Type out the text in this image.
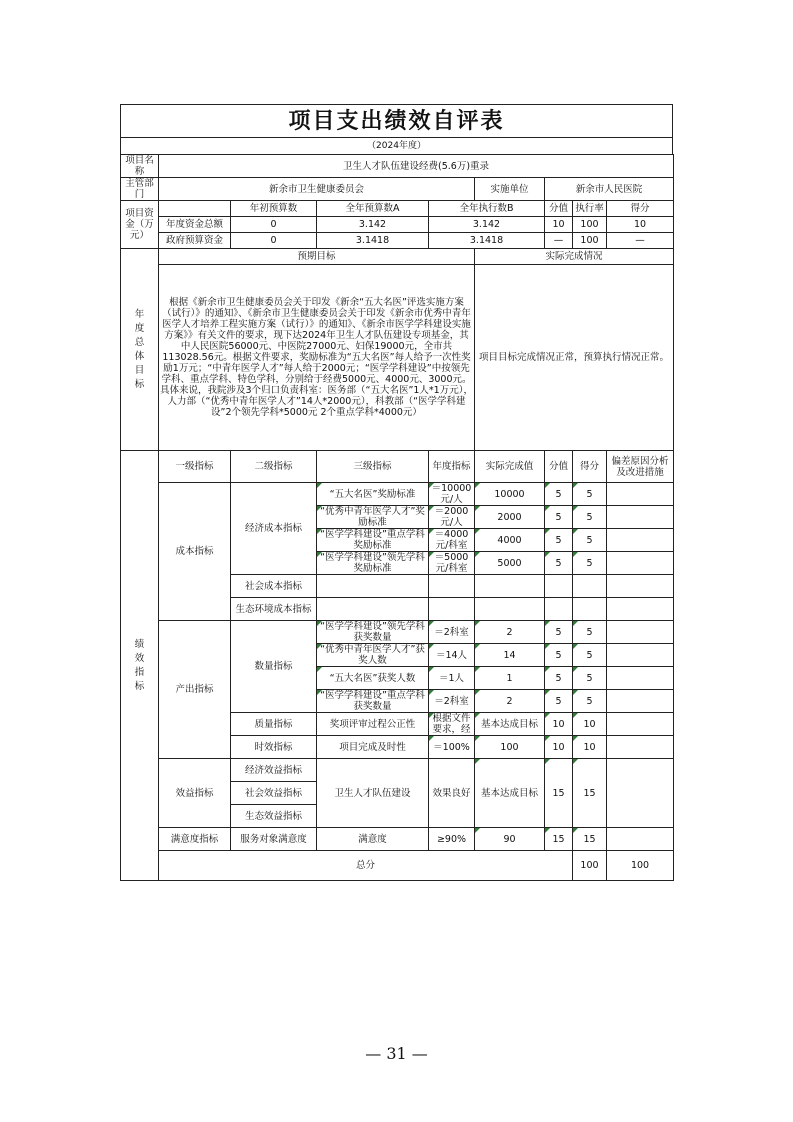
项目支出绩效自评表
（2024年度）
项目名称	卫生人才队伍建设经费(5.6万)重录								
主管部门	新余市卫生健康委员会				实施单位	新余市人民医院			
项目资金（万元）		年初预算数	全年预算数A	全年执行数B		分值	执行率	得分	
	年度资金总额	0	3.142	3.142		10	100	10	
	政府预算资金	0	3.1418	3.1418		—	100	—	
年度总体目标	预期目标				实际完成情况				
	根据《新余市卫生健康委员会关于印发《新余“五大名医”评选实施方案（试行）》的通知》、《新余市卫生健康委员会关于印发《新余市优秀中青年医学人才培养工程实施方案（试行）》的通知》、《新余市医学学科建设实施方案》》有关文件的要求，现下达2024年卫生人才队伍建设专项基金，其中人民医院56000元、中医院27000元、妇保19000元，全市共113028.56元。根据文件要求，奖励标准为“五大名医”每人给予一次性奖励1万元；“中青年医学人才”每人给于2000元；“医学学科建设”中按领先学科、重点学科、特色学科，分别给于经费5000元、4000元、3000元。具体来说，我院涉及3个归口负责科室：医务部（“五大名医”1人*1万元），人力部（“优秀中青年医学人才”14人*2000元），科教部（“医学学科建设”2个领先学科*5000元 2个重点学科*4000元）				项目目标完成情况正常，预算执行情况正常。				
绩效指标	一级指标	二级指标	三级指标	年度指标	实际完成值	分值	得分	偏差原因分析及改进措施	
	成本指标	经济成本指标	“五大名医”奖励标准	＝10000元/人	10000	5	5		
			“优秀中青年医学人才”奖励标准	＝2000元/人	2000	5	5		
			“医学学科建设”重点学科奖励标准	＝4000元/科室	4000	5	5		
			“医学学科建设”领先学科奖励标准	＝5000元/科室	5000	5	5		
		社会成本指标							
		生态环境成本指标							
	产出指标	数量指标	“医学学科建设”领先学科获奖数量	＝2科室	2	5	5		
			“优秀中青年医学人才”获奖人数	＝14人	14	5	5		
			“五大名医”获奖人数	＝1人	1	5	5		
			“医学学科建设”重点学科获奖数量	＝2科室	2	5	5		
		质量指标	奖项评审过程公正性	根据文件要求，经	基本达成目标	10	10		
		时效指标	项目完成及时性	＝100%	100	10	10		
	效益指标	经济效益指标	卫生人才队伍建设	效果良好	基本达成目标	15	15		
		社会效益指标							
		生态效益指标							
	满意度指标	服务对象满意度	满意度	≥90%	90	15	15		
	总分						100	100	
— 31 —
